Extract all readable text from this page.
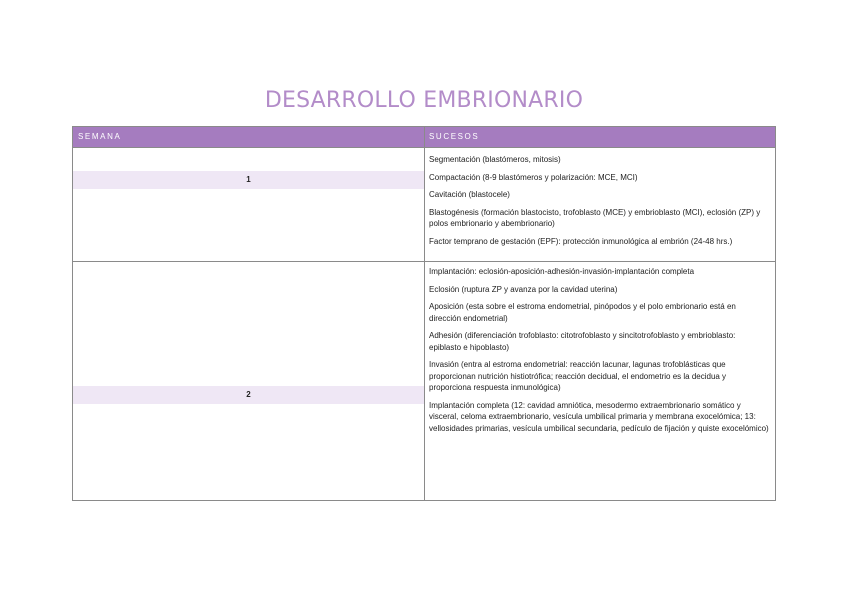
DESARROLLO EMBRIONARIO
SEMANA	SUCESOS
1
Segmentación (blastómeros, mitosis)
Compactación (8-9 blastómeros y polarización: MCE, MCI)
Cavitación (blastocele)
Blastogénesis (formación blastocisto, trofoblasto (MCE) y embrioblasto (MCI), eclosión (ZP) y polos embrionario y abembrionario)
Factor temprano de gestación (EPF): protección inmunológica al embrión (24-48 hrs.)
2
Implantación: eclosión-aposición-adhesión-invasión-implantación completa
Eclosión (ruptura ZP y avanza por la cavidad uterina)
Aposición (esta sobre el estroma endometrial, pinópodos y el polo embrionario está en dirección endometrial)
Adhesión (diferenciación trofoblasto: citotrofoblasto y sincitotrofoblasto y embrioblasto: epiblasto e hipoblasto)
Invasión (entra al estroma endometrial: reacción lacunar, lagunas trofoblásticas que proporcionan nutrición histiotrófica; reacción decidual, el endometrio es la decidua y proporciona respuesta inmunológica)
Implantación completa (12: cavidad amniótica, mesodermo extraembrionario somático y visceral, celoma extraembrionario, vesícula umbilical primaria y membrana exocelómica; 13: vellosidades primarias, vesícula umbilical secundaria, pedículo de fijación y quiste exocelómico)
